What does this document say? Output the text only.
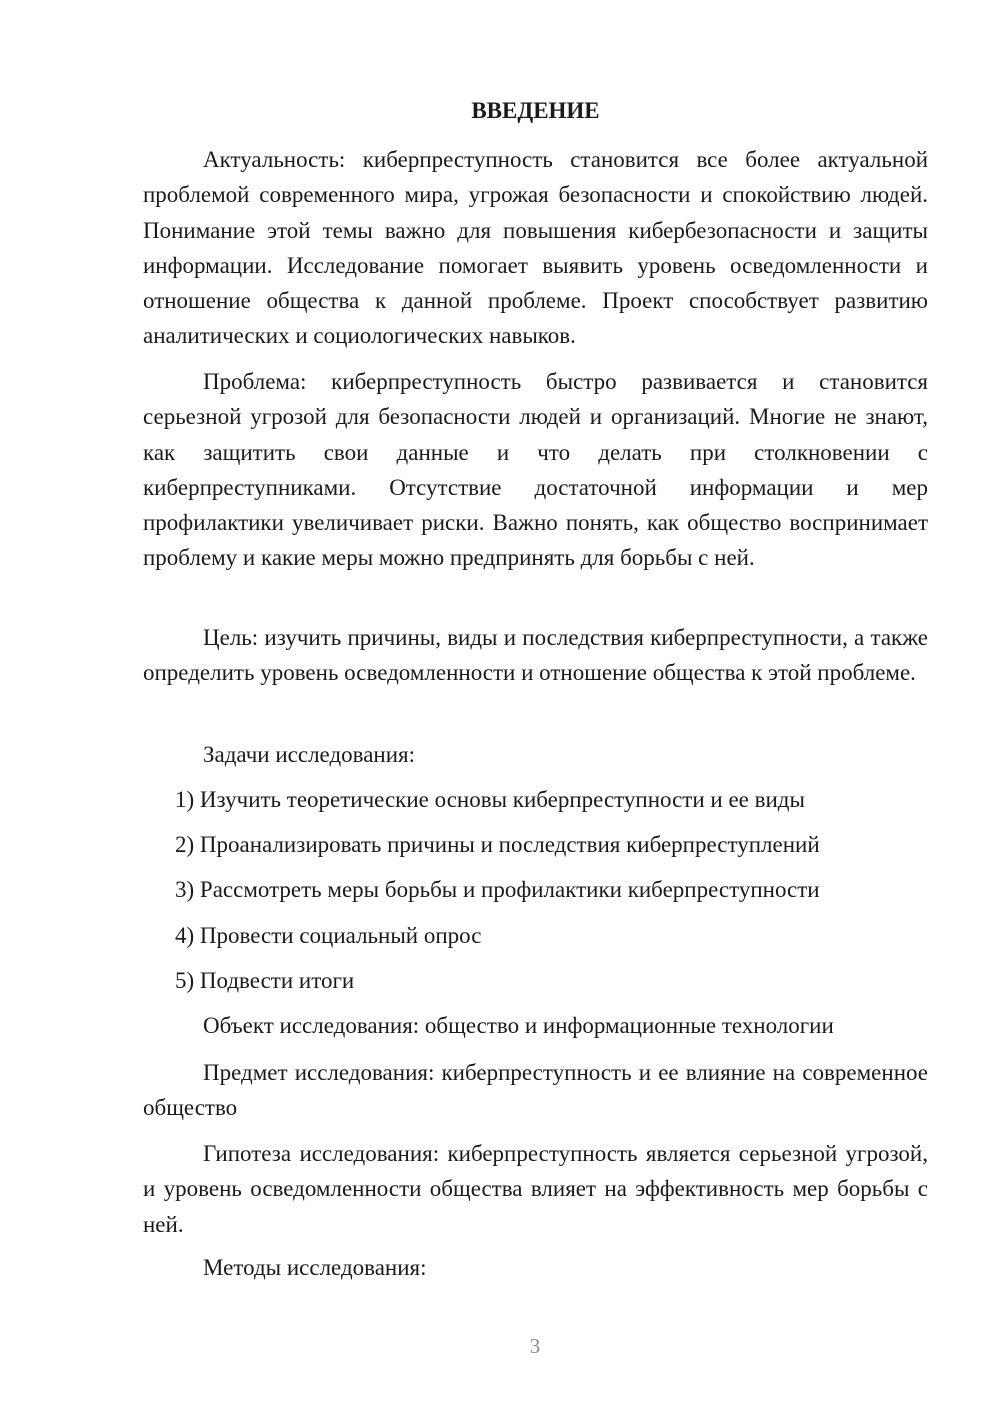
ВВЕДЕНИЕ
Актуальность: киберпреступность становится все более актуальной проблемой современного мира, угрожая безопасности и спокойствию людей. Понимание этой темы важно для повышения кибербезопасности и защиты информации. Исследование помогает выявить уровень осведомленности и отношение общества к данной проблеме. Проект способствует развитию аналитических и социологических навыков.
Проблема: киберпреступность быстро развивается и становится серьезной угрозой для безопасности людей и организаций. Многие не знают, как защитить свои данные и что делать при столкновении с киберпреступниками. Отсутствие достаточной информации и мер профилактики увеличивает риски. Важно понять, как общество воспринимает проблему и какие меры можно предпринять для борьбы с ней.
Цель: изучить причины, виды и последствия киберпреступности, а также определить уровень осведомленности и отношение общества к этой проблеме.
Задачи исследования:
1) Изучить теоретические основы киберпреступности и ее виды
2) Проанализировать причины и последствия киберпреступлений
3) Рассмотреть меры борьбы и профилактики киберпреступности
4) Провести социальный опрос
5) Подвести итоги
Объект исследования: общество и информационные технологии
Предмет исследования: киберпреступность и ее влияние на современное общество
Гипотеза исследования: киберпреступность является серьезной угрозой, и уровень осведомленности общества влияет на эффективность мер борьбы с ней.
Методы исследования:
3
